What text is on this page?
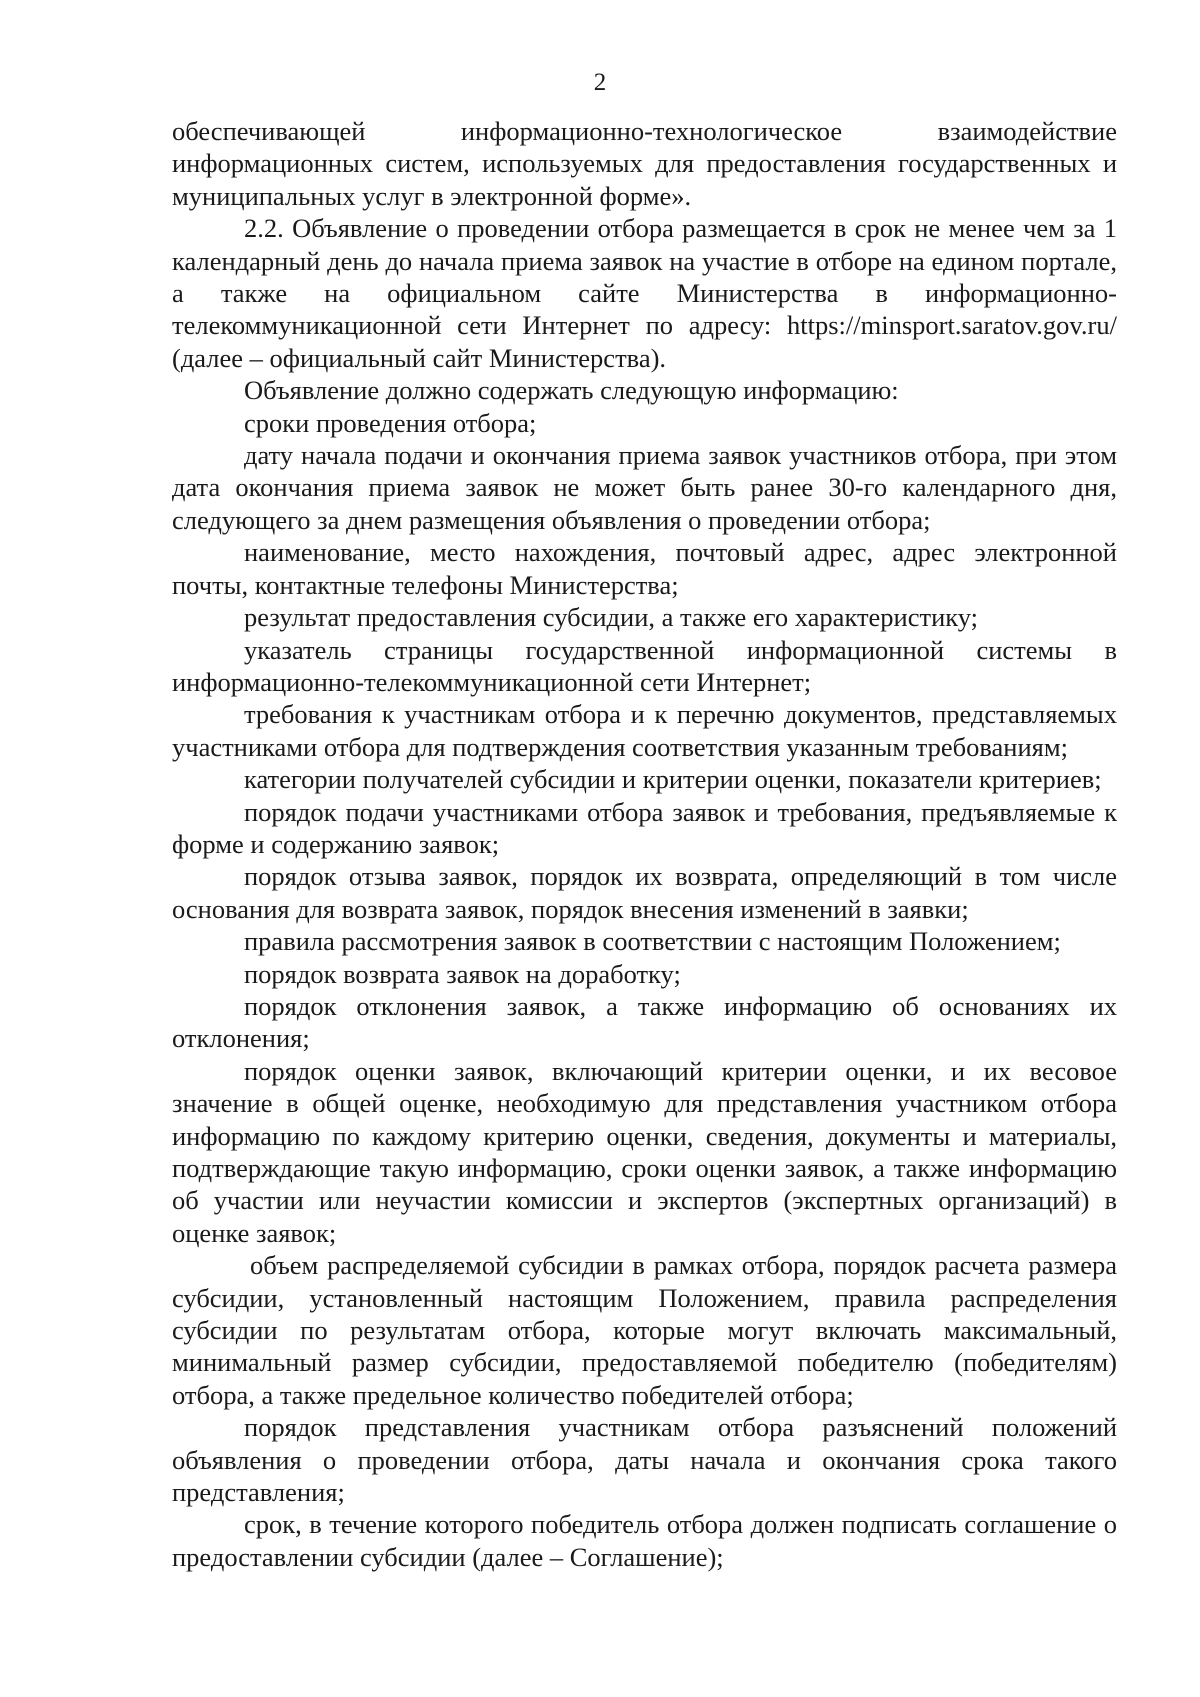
2

обеспечивающей информационно-технологическое взаимодействие информационных систем, используемых для предоставления государственных и муниципальных услуг в электронной форме».

2.2. Объявление о проведении отбора размещается в срок не менее чем за 1 календарный день до начала приема заявок на участие в отборе на едином портале, а также на официальном сайте Министерства в информационно-телекоммуникационной сети Интернет по адресу: https://minsport.saratov.gov.ru/ (далее – официальный сайт Министерства).

Объявление должно содержать следующую информацию:

сроки проведения отбора;

дату начала подачи и окончания приема заявок участников отбора, при этом дата окончания приема заявок не может быть ранее 30-го календарного дня, следующего за днем размещения объявления о проведении отбора;

наименование, место нахождения, почтовый адрес, адрес электронной почты, контактные телефоны Министерства;

результат предоставления субсидии, а также его характеристику;

указатель страницы государственной информационной системы в информационно-телекоммуникационной сети Интернет;

требования к участникам отбора и к перечню документов, представляемых участниками отбора для подтверждения соответствия указанным требованиям;

категории получателей субсидии и критерии оценки, показатели критериев;

порядок подачи участниками отбора заявок и требования, предъявляемые к форме и содержанию заявок;

порядок отзыва заявок, порядок их возврата, определяющий в том числе основания для возврата заявок, порядок внесения изменений в заявки;

правила рассмотрения заявок в соответствии с настоящим Положением;

порядок возврата заявок на доработку;

порядок отклонения заявок, а также информацию об основаниях их отклонения;

порядок оценки заявок, включающий критерии оценки, и их весовое значение в общей оценке, необходимую для представления участником отбора информацию по каждому критерию оценки, сведения, документы и материалы, подтверждающие такую информацию, сроки оценки заявок, а также информацию об участии или неучастии комиссии и экспертов (экспертных организаций) в оценке заявок;

объем распределяемой субсидии в рамках отбора, порядок расчета размера субсидии, установленный настоящим Положением, правила распределения субсидии по результатам отбора, которые могут включать максимальный, минимальный размер субсидии, предоставляемой победителю (победителям) отбора, а также предельное количество победителей отбора;

порядок представления участникам отбора разъяснений положений объявления о проведении отбора, даты начала и окончания срока такого представления;

срок, в течение которого победитель отбора должен подписать соглашение о предоставлении субсидии (далее – Соглашение);
